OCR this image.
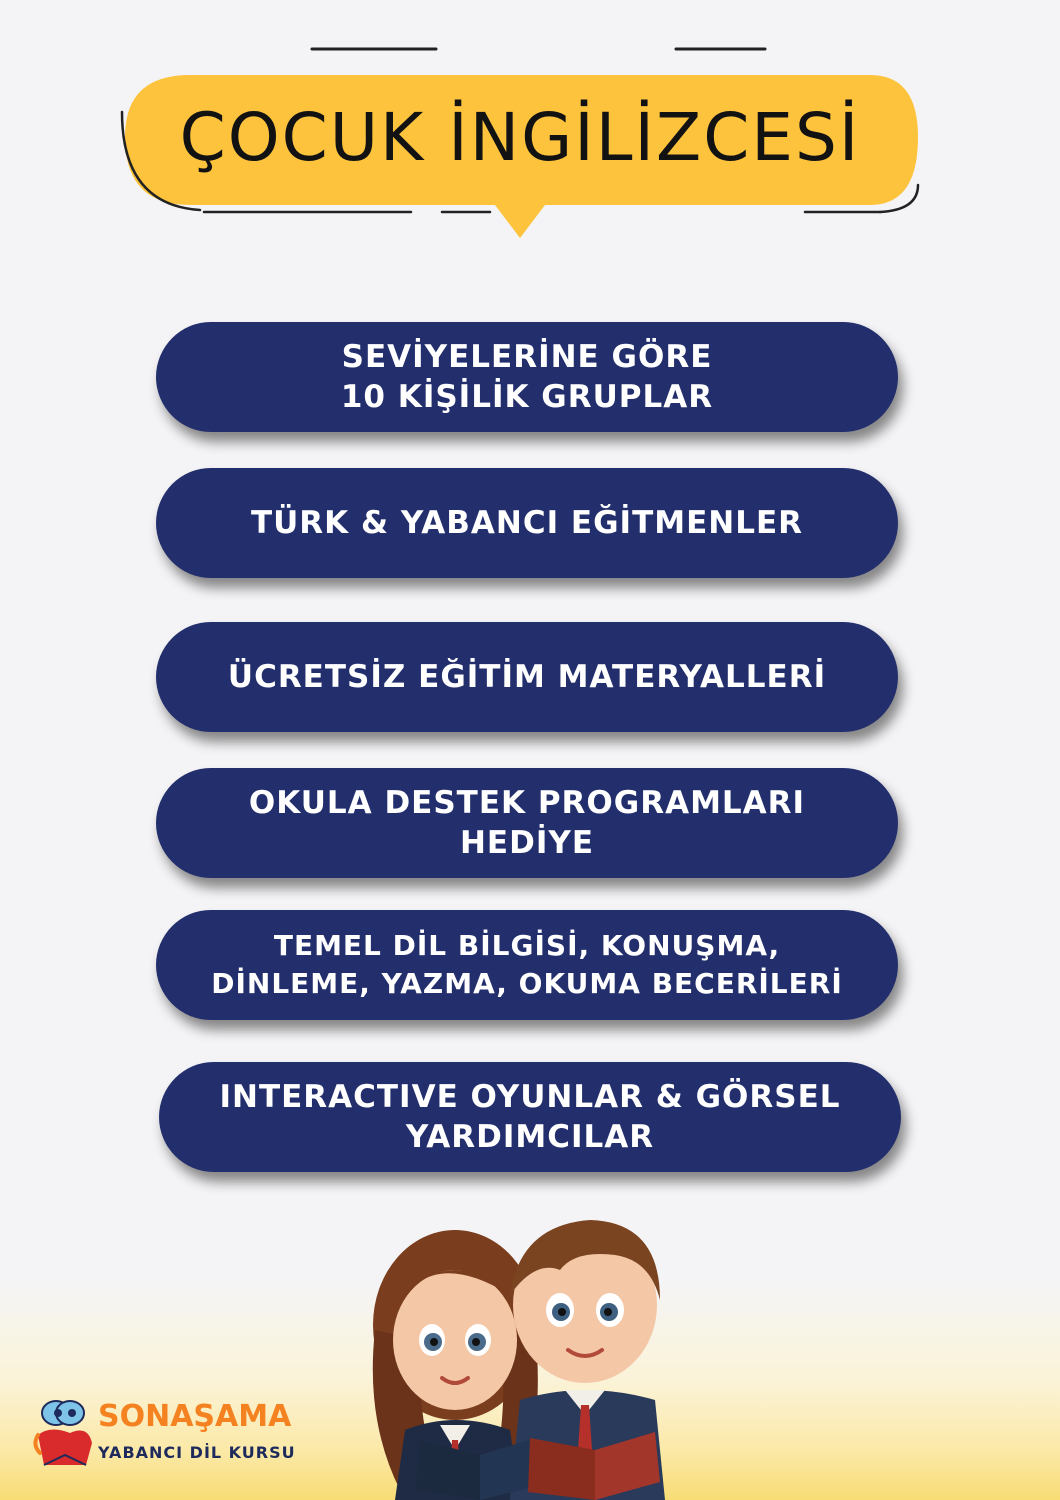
ÇOCUK İNGİLİZCESİ
SEVİYELERİNE GÖRE
10 KİŞİLİK GRUPLAR
TÜRK & YABANCI EĞİTMENLER
ÜCRETSİZ EĞİTİM MATERYALLERİ
OKULA DESTEK PROGRAMLARI
HEDİYE
TEMEL DİL BİLGİSİ, KONUŞMA,
DİNLEME, YAZMA, OKUMA BECERİLERİ
INTERACTIVE OYUNLAR & GÖRSEL
YARDIMCILAR
SONAŞAMA
YABANCI DİL KURSU
